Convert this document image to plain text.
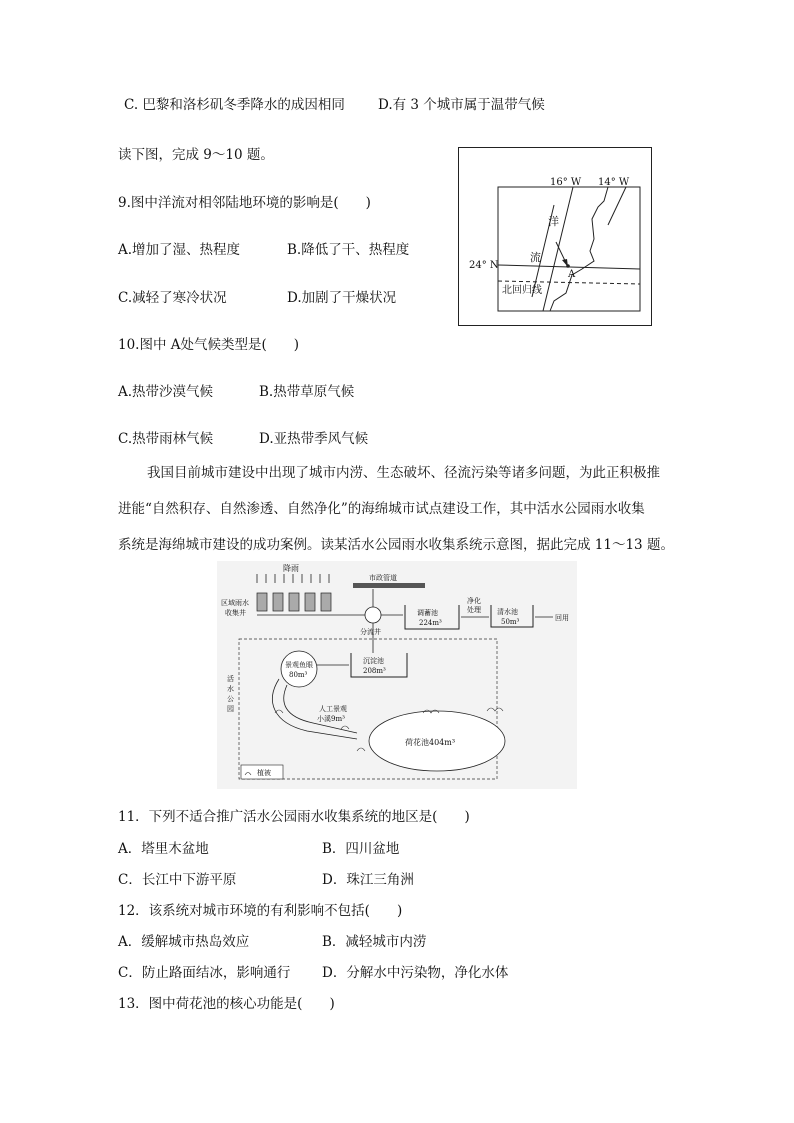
C. 巴黎和洛杉矶冬季降水的成因相同 D.有 3 个城市属于温带气候
读下图，完成 9～10 题。
9.图中洋流对相邻陆地环境的影响是(　　)
A.增加了湿、热程度	B.降低了干、热程度
C.减轻了寒冷状况	D.加剧了干燥状况
10.图中 A处气候类型是(　　)
A.热带沙漠气候	B.热带草原气候
C.热带雨林气候	D.亚热带季风气候
16° W 14° W
24° N
洋
流
A
北回归线
我国目前城市建设中出现了城市内涝、生态破坏、径流污染等诸多问题，为此正积极推
进能“自然积存、自然渗透、自然净化”的海绵城市试点建设工作，其中活水公园雨水收集
系统是海绵城市建设的成功案例。读某活水公园雨水收集系统示意图，据此完成 11～13 题。
降雨
区域雨水
收集井
市政管道
分流井
调蓄池
224m³
净化
处理 清水池
50m³	回用
沉淀池
208m³
景观鱼眼
80m³
人工景观
小溪9m³
荷花池404m³
活
水
公
园
植被
11．下列不适合推广活水公园雨水收集系统的地区是(　　)
A．塔里木盆地	B．四川盆地
C．长江中下游平原	D．珠江三角洲
12．该系统对城市环境的有利影响不包括(　　)
A．缓解城市热岛效应	B．减轻城市内涝
C．防止路面结冰，影响通行 D．分解水中污染物，净化水体
13．图中荷花池的核心功能是(　　)
